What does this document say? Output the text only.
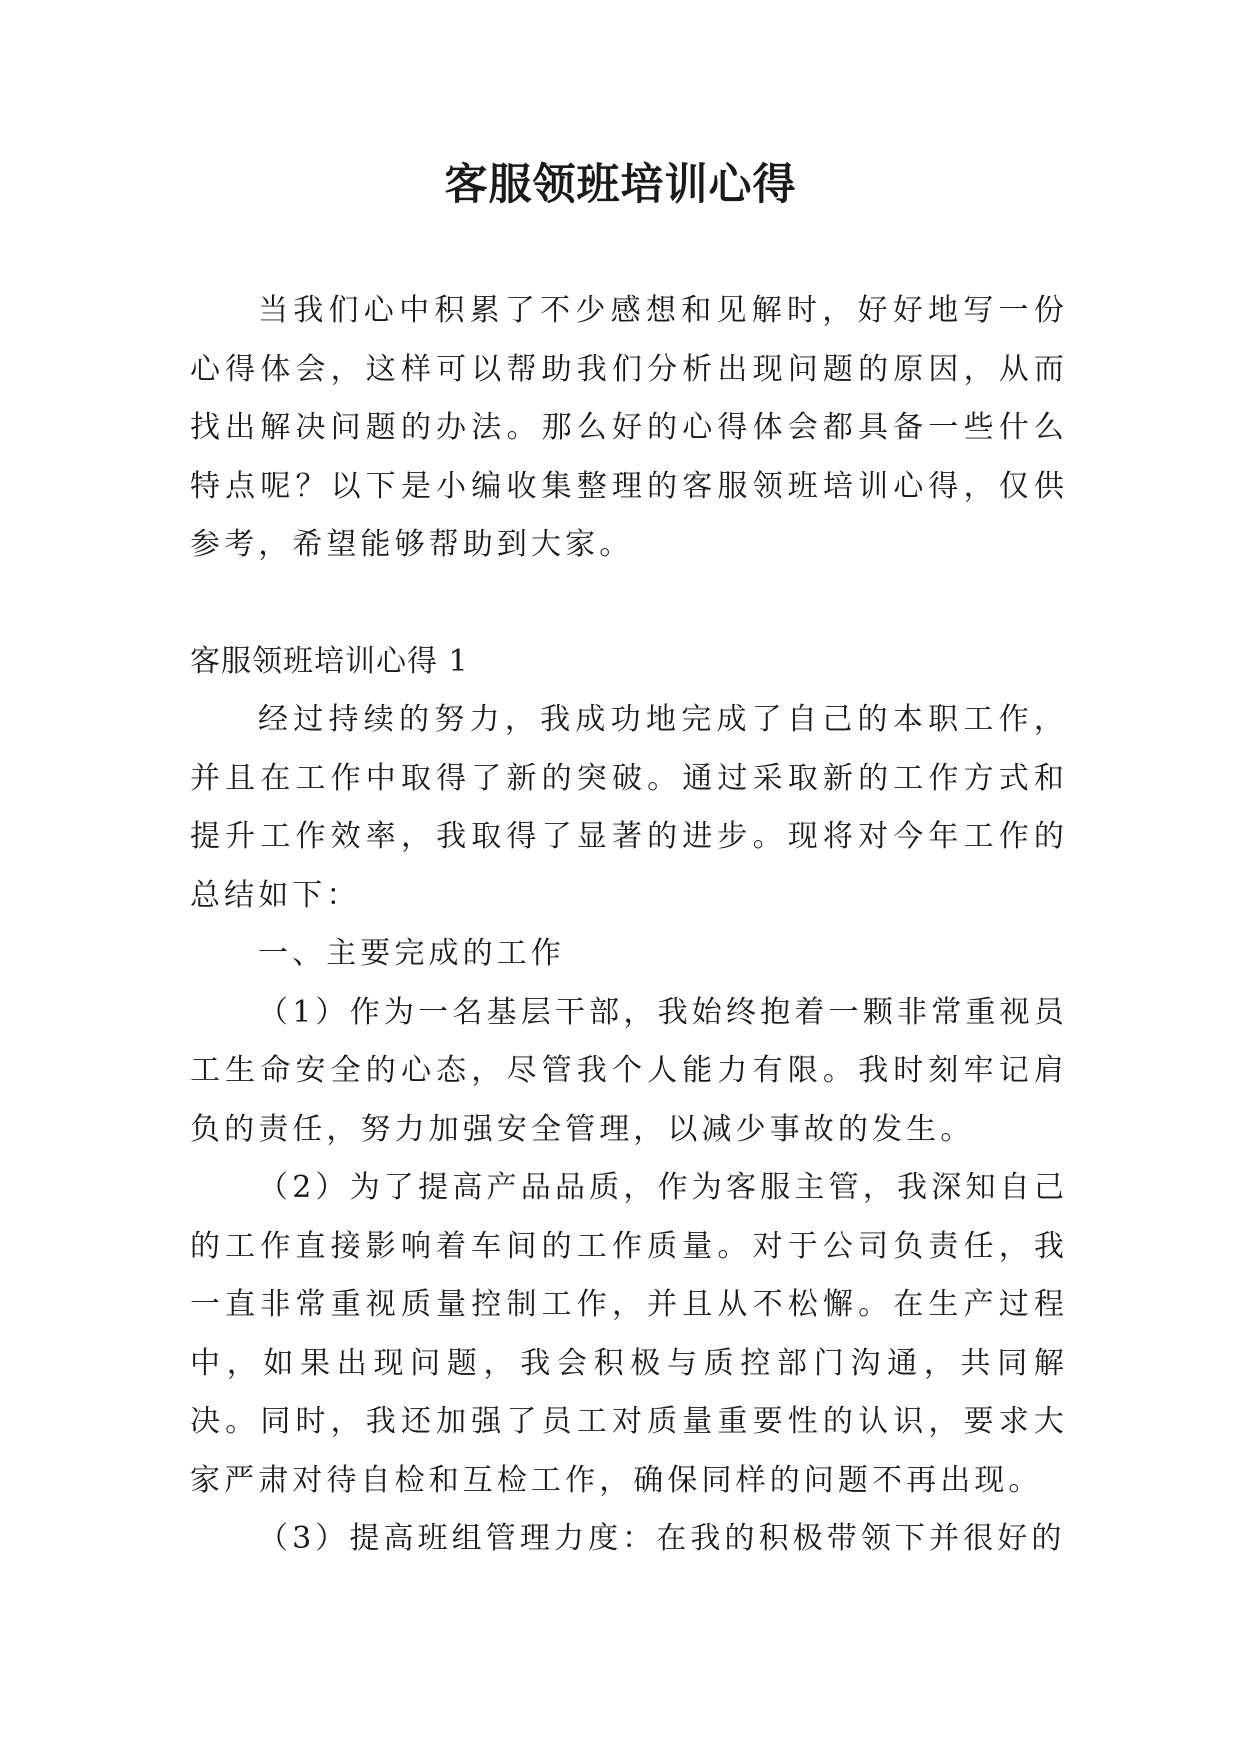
客服领班培训心得

当我们心中积累了不少感想和见解时，好好地写一份心得体会，这样可以帮助我们分析出现问题的原因，从而找出解决问题的办法。那么好的心得体会都具备一些什么特点呢？以下是小编收集整理的客服领班培训心得，仅供参考，希望能够帮助到大家。

客服领班培训心得 1

经过持续的努力，我成功地完成了自己的本职工作，并且在工作中取得了新的突破。通过采取新的工作方式和提升工作效率，我取得了显著的进步。现将对今年工作的总结如下：

一、主要完成的工作

（1）作为一名基层干部，我始终抱着一颗非常重视员工生命安全的心态，尽管我个人能力有限。我时刻牢记肩负的责任，努力加强安全管理，以减少事故的发生。

（2）为了提高产品品质，作为客服主管，我深知自己的工作直接影响着车间的工作质量。对于公司负责任，我一直非常重视质量控制工作，并且从不松懈。在生产过程中，如果出现问题，我会积极与质控部门沟通，共同解决。同时，我还加强了员工对质量重要性的认识，要求大家严肃对待自检和互检工作，确保同样的问题不再出现。

（3）提高班组管理力度：在我的积极带领下并很好的
